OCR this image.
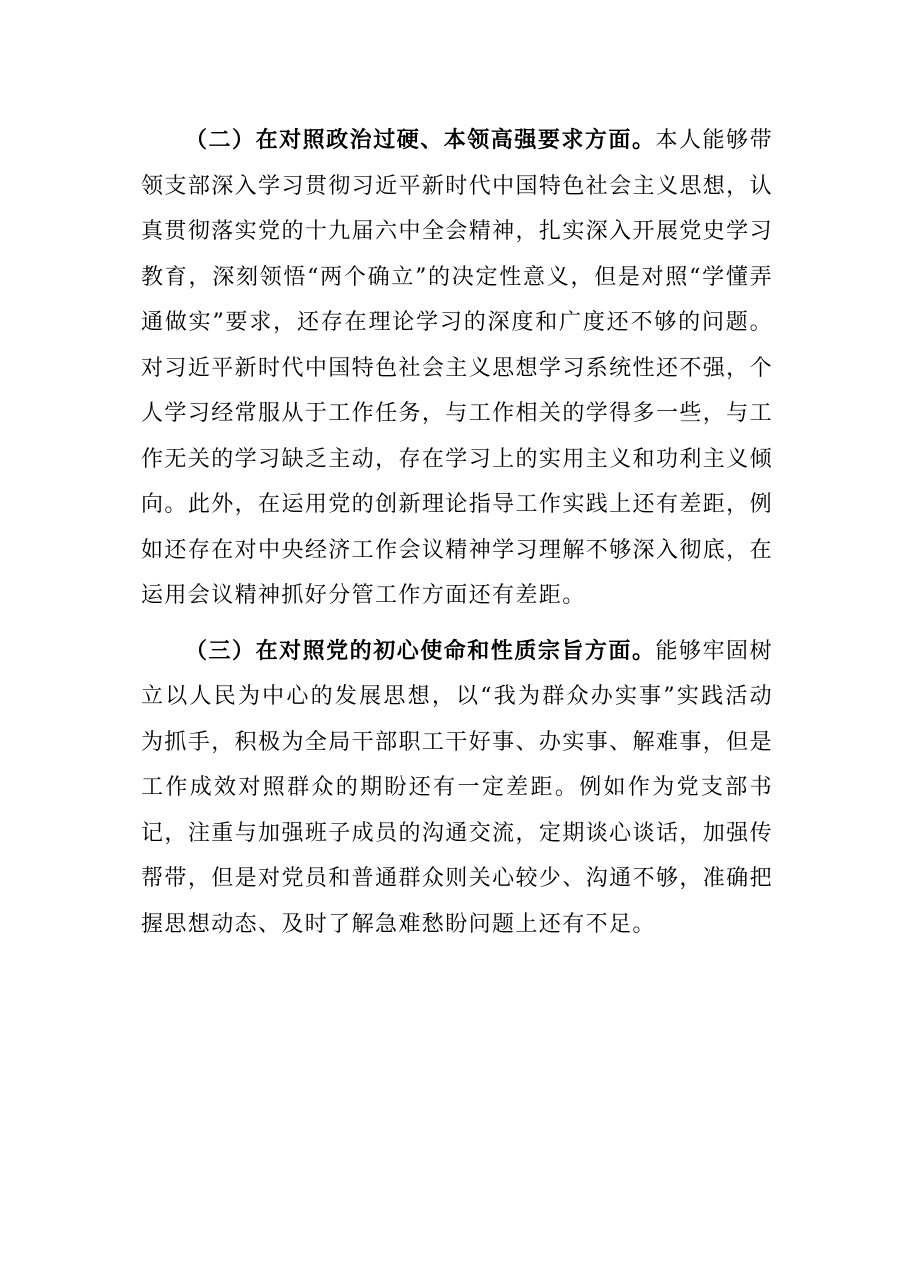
（二）在对照政治过硬、本领高强要求方面。本人能够带领支部深入学习贯彻习近平新时代中国特色社会主义思想，认真贯彻落实党的十九届六中全会精神，扎实深入开展党史学习教育，深刻领悟“两个确立”的决定性意义，但是对照“学懂弄通做实”要求，还存在理论学习的深度和广度还不够的问题。对习近平新时代中国特色社会主义思想学习系统性还不强，个人学习经常服从于工作任务，与工作相关的学得多一些，与工作无关的学习缺乏主动，存在学习上的实用主义和功利主义倾向。此外，在运用党的创新理论指导工作实践上还有差距，例如还存在对中央经济工作会议精神学习理解不够深入彻底，在运用会议精神抓好分管工作方面还有差距。

（三）在对照党的初心使命和性质宗旨方面。能够牢固树立以人民为中心的发展思想，以“我为群众办实事”实践活动为抓手，积极为全局干部职工干好事、办实事、解难事，但是工作成效对照群众的期盼还有一定差距。例如作为党支部书记，注重与加强班子成员的沟通交流，定期谈心谈话，加强传帮带，但是对党员和普通群众则关心较少、沟通不够，准确把握思想动态、及时了解急难愁盼问题上还有不足。
